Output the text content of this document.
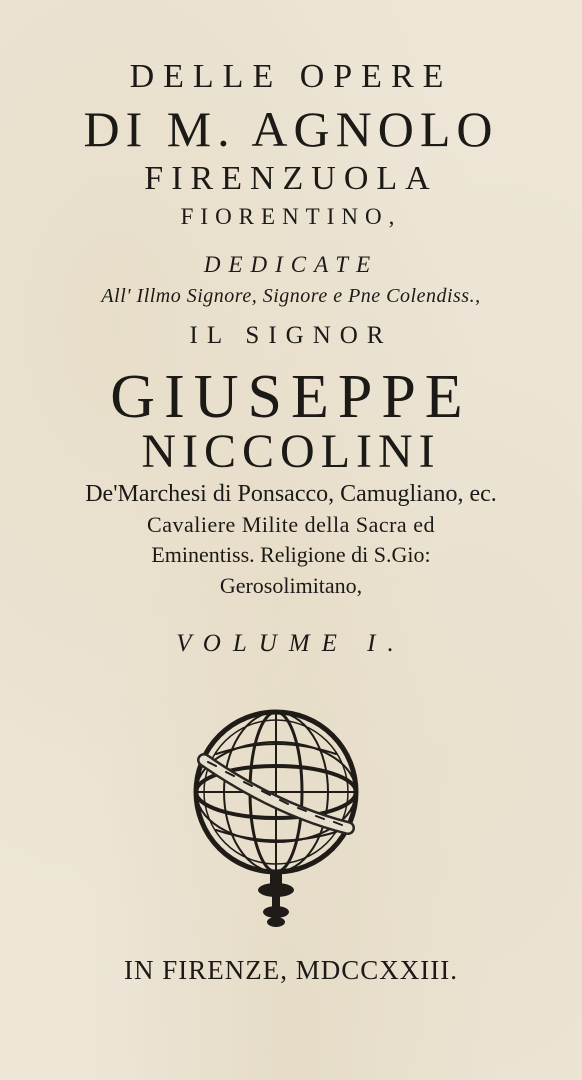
DELLE OPERE
DI M. AGNOLO
FIRENZUOLA
FIORENTINO,
DEDICATE
All' Illmo Signore, Signore e Pne Colendiss.,
IL SIGNOR
GIUSEPPE
NICCOLINI
De'Marchesi di Ponsacco, Camugliano, ec.
Cavaliere Milite della Sacra ed
Eminentiss. Religione di S.Gio:
Gerosolimitano,
VOLUME I.
IN FIRENZE, MDCCXXIII.
